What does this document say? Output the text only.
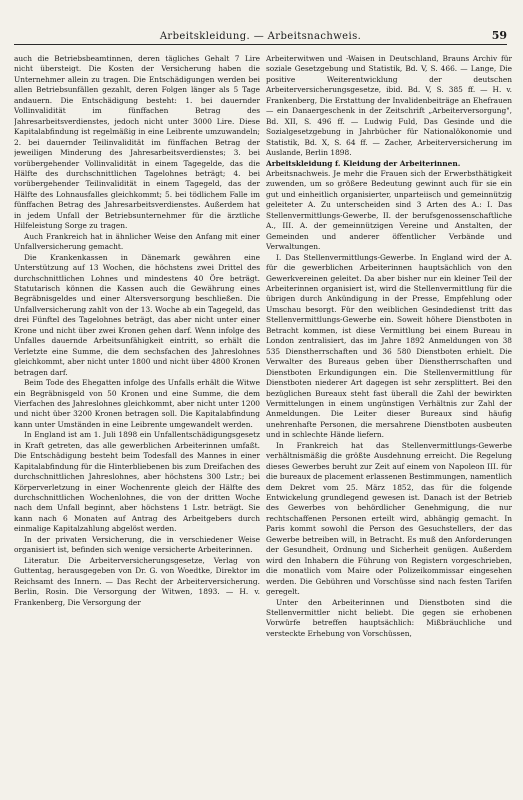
Arbeitskleidung. — Arbeitsnachweis.	59

auch die Betriebsbeamtinnen, deren tägliches Gehalt 7 Lire nicht übersteigt. Die Kosten der Versicherung haben die Unternehmer allein zu tragen. Die Entschädigungen werden bei allen Betriebsunfällen gezahlt, deren Folgen länger als 5 Tage andauern. Die Entschädigung besteht: 1. bei dauernder Vollinvalidität im fünffachen Betrag des Jahresarbeitsverdienstes, jedoch nicht unter 3000 Lire. Diese Kapitalabfindung ist regelmäßig in eine Leibrente umzuwandeln; 2. bei dauernder Teilinvalidität im fünffachen Betrag der jeweiligen Minderung des Jahresarbeitsverdienstes; 3. bei vorübergehender Vollinvalidität in einem Tagegelde, das die Hälfte des durchschnittlichen Tagelohnes beträgt; 4. bei vorübergehender Teilinvalidität in einem Tagegeld, das der Hälfte des Lohnausfalles gleichkommt; 5. bei tödlichem Falle im fünffachen Betrag des Jahresarbeitsverdienstes. Außerdem hat in jedem Unfall der Betriebsunternehmer für die ärztliche Hilfeleistung Sorge zu tragen.

Auch Frankreich hat in ähnlicher Weise den Anfang mit einer Unfallversicherung gemacht.

Die Krankenkassen in Dänemark gewähren eine Unterstützung auf 13 Wochen, die höchstens zwei Drittel des durchschnittlichen Lohnes und mindestens 40 Öre beträgt. Statutarisch können die Kassen auch die Gewährung eines Begräbnisgeldes und einer Altersversorgung beschließen. Die Unfallversicherung zahlt von der 13. Woche ab ein Tagegeld, das drei Fünftel des Tagelohnes beträgt, das aber nicht unter einer Krone und nicht über zwei Kronen gehen darf. Wenn infolge des Unfalles dauernde Arbeitsunfähigkeit eintritt, so erhält die Verletzte eine Summe, die dem sechsfachen des Jahreslohnes gleichkommt, aber nicht unter 1800 und nicht über 4800 Kronen betragen darf.

Beim Tode des Ehegatten infolge des Unfalls erhält die Witwe ein Begräbnisgeld von 50 Kronen und eine Summe, die dem Vierfachen des Jahreslohnes gleichkommt, aber nicht unter 1200 und nicht über 3200 Kronen betragen soll. Die Kapitalabfindung kann unter Umständen in eine Leibrente umgewandelt werden.

In England ist am 1. Juli 1898 ein Unfallentschädigungsgesetz in Kraft getreten, das alle gewerblichen Arbeiterinnen umfaßt. Die Entschädigung besteht beim Todesfall des Mannes in einer Kapitalabfindung für die Hinterbliebenen bis zum Dreifachen des durchschnittlichen Jahreslohnes, aber höchstens 300 Lstr.; bei Körperverletzung in einer Wochenrente gleich der Hälfte des durchschnittlichen Wochenlohnes, die von der dritten Woche nach dem Unfall beginnt, aber höchstens 1 Lstr. beträgt. Sie kann nach 6 Monaten auf Antrag des Arbeitgebers durch einmalige Kapitalzahlung abgelöst werden.

In der privaten Versicherung, die in verschiedener Weise organisiert ist, befinden sich wenige versicherte Arbeiterinnen.

Literatur. Die Arbeiterversicherungsgesetze, Verlag von Guttentag, herausgegeben von Dr. G. von Woedtke, Direktor im Reichsamt des Innern. — Das Recht der Arbeiterversicherung. Berlin, Rosin. Die Versorgung der Witwen, 1893. — H. v. Frankenberg, Die Versorgung der

Arbeiterwitwen und -Waisen in Deutschland, Brauns Archiv für soziale Gesetzgebung und Statistik, Bd. V, S. 466. — Lange, Die positive Weiterentwicklung der deutschen Arbeiterversicherungsgesetze, ibid. Bd. V, S. 385 ff. — H. v. Frankenberg, Die Erstattung der Invalidenbeiträge an Ehefrauen — ein Danaergeschenk in der Zeitschrift „Arbeiterversorgung", Bd. XII, S. 496 ff. — Ludwig Fuld, Das Gesinde und die Sozialgesetzgebung in Jahrbücher für Nationalökonomie und Statistik, Bd. X, S. 64 ff. — Zacher, Arbeiterversicherung im Auslande, Berlin 1898.

Arbeitskleidung f. Kleidung der Arbeiterinnen.

Arbeitsnachweis. Je mehr die Frauen sich der Erwerbsthätigkeit zuwenden, um so größere Bedeutung gewinnt auch für sie ein gut und einheitlich organisierter, unparteiisch und gemeinnützig geleiteter A. Zu unterscheiden sind 3 Arten des A.: I. Das Stellenvermittlungs-Gewerbe, II. der berufsgenossenschaftliche A., III. A. der gemeinnützigen Vereine und Anstalten, der Gemeinden und anderer öffentlicher Verbände und Verwaltungen.

I. Das Stellenvermittlungs-Gewerbe. In England wird der A. für die gewerblichen Arbeiterinnen hauptsächlich von den Gewerkvereinen geleitet. Da aber bisher nur ein kleiner Teil der Arbeiterinnen organisiert ist, wird die Stellenvermittlung für die übrigen durch Ankündigung in der Presse, Empfehlung oder Umschau besorgt. Für den weiblichen Gesindedienst tritt das Stellenvermittlungs-Gewerbe ein. Soweit höhere Dienstboten in Betracht kommen, ist diese Vermittlung bei einem Bureau in London zentralisiert, das im Jahre 1892 Anmeldungen von 38 535 Dienstherrschaften und 36 580 Dienstboten erhielt. Die Verwalter des Bureaus geben über Dienstherrschaften und Dienstboten Erkundigungen ein. Die Stellenvermittlung für Dienstboten niederer Art dagegen ist sehr zersplittert. Bei den bezüglichen Bureaux steht fast überall die Zahl der bewirkten Vermittelungen in einem ungünstigen Verhältnis zur Zahl der Anmeldungen. Die Leiter dieser Bureaux sind häufig unehrenhafte Personen, die mersahrene Dienstboten ausbeuten und in schlechte Hände liefern.

In Frankreich hat das Stellenvermittlungs-Gewerbe verhältnismäßig die größte Ausdehnung erreicht. Die Regelung dieses Gewerbes beruht zur Zeit auf einem von Napoleon III. für die bureaux de placement erlassenen Bestimmungen, namentlich dem Dekret vom 25. März 1852, das für die folgende Entwickelung grundlegend gewesen ist. Danach ist der Betrieb des Gewerbes von behördlicher Genehmigung, die nur rechtschaffenen Personen erteilt wird, abhängig gemacht. In Paris kommt sowohl die Person des Gesuchstellers, der das Gewerbe betreiben will, in Betracht. Es muß den Anforderungen der Gesundheit, Ordnung und Sicherheit genügen. Außerdem wird den Inhabern die Führung von Registern vorgeschrieben, die monatlich vom Maire oder Polizeikommissar eingesehen werden. Die Gebühren und Vorschüsse sind nach festen Tarifen geregelt.

Unter den Arbeiterinnen und Dienstboten sind die Stellenvermittler nicht beliebt. Die gegen sie erhobenen Vorwürfe betreffen hauptsächlich: Mißbräuchliche und versteckte Erhebung von Vorschüssen,
